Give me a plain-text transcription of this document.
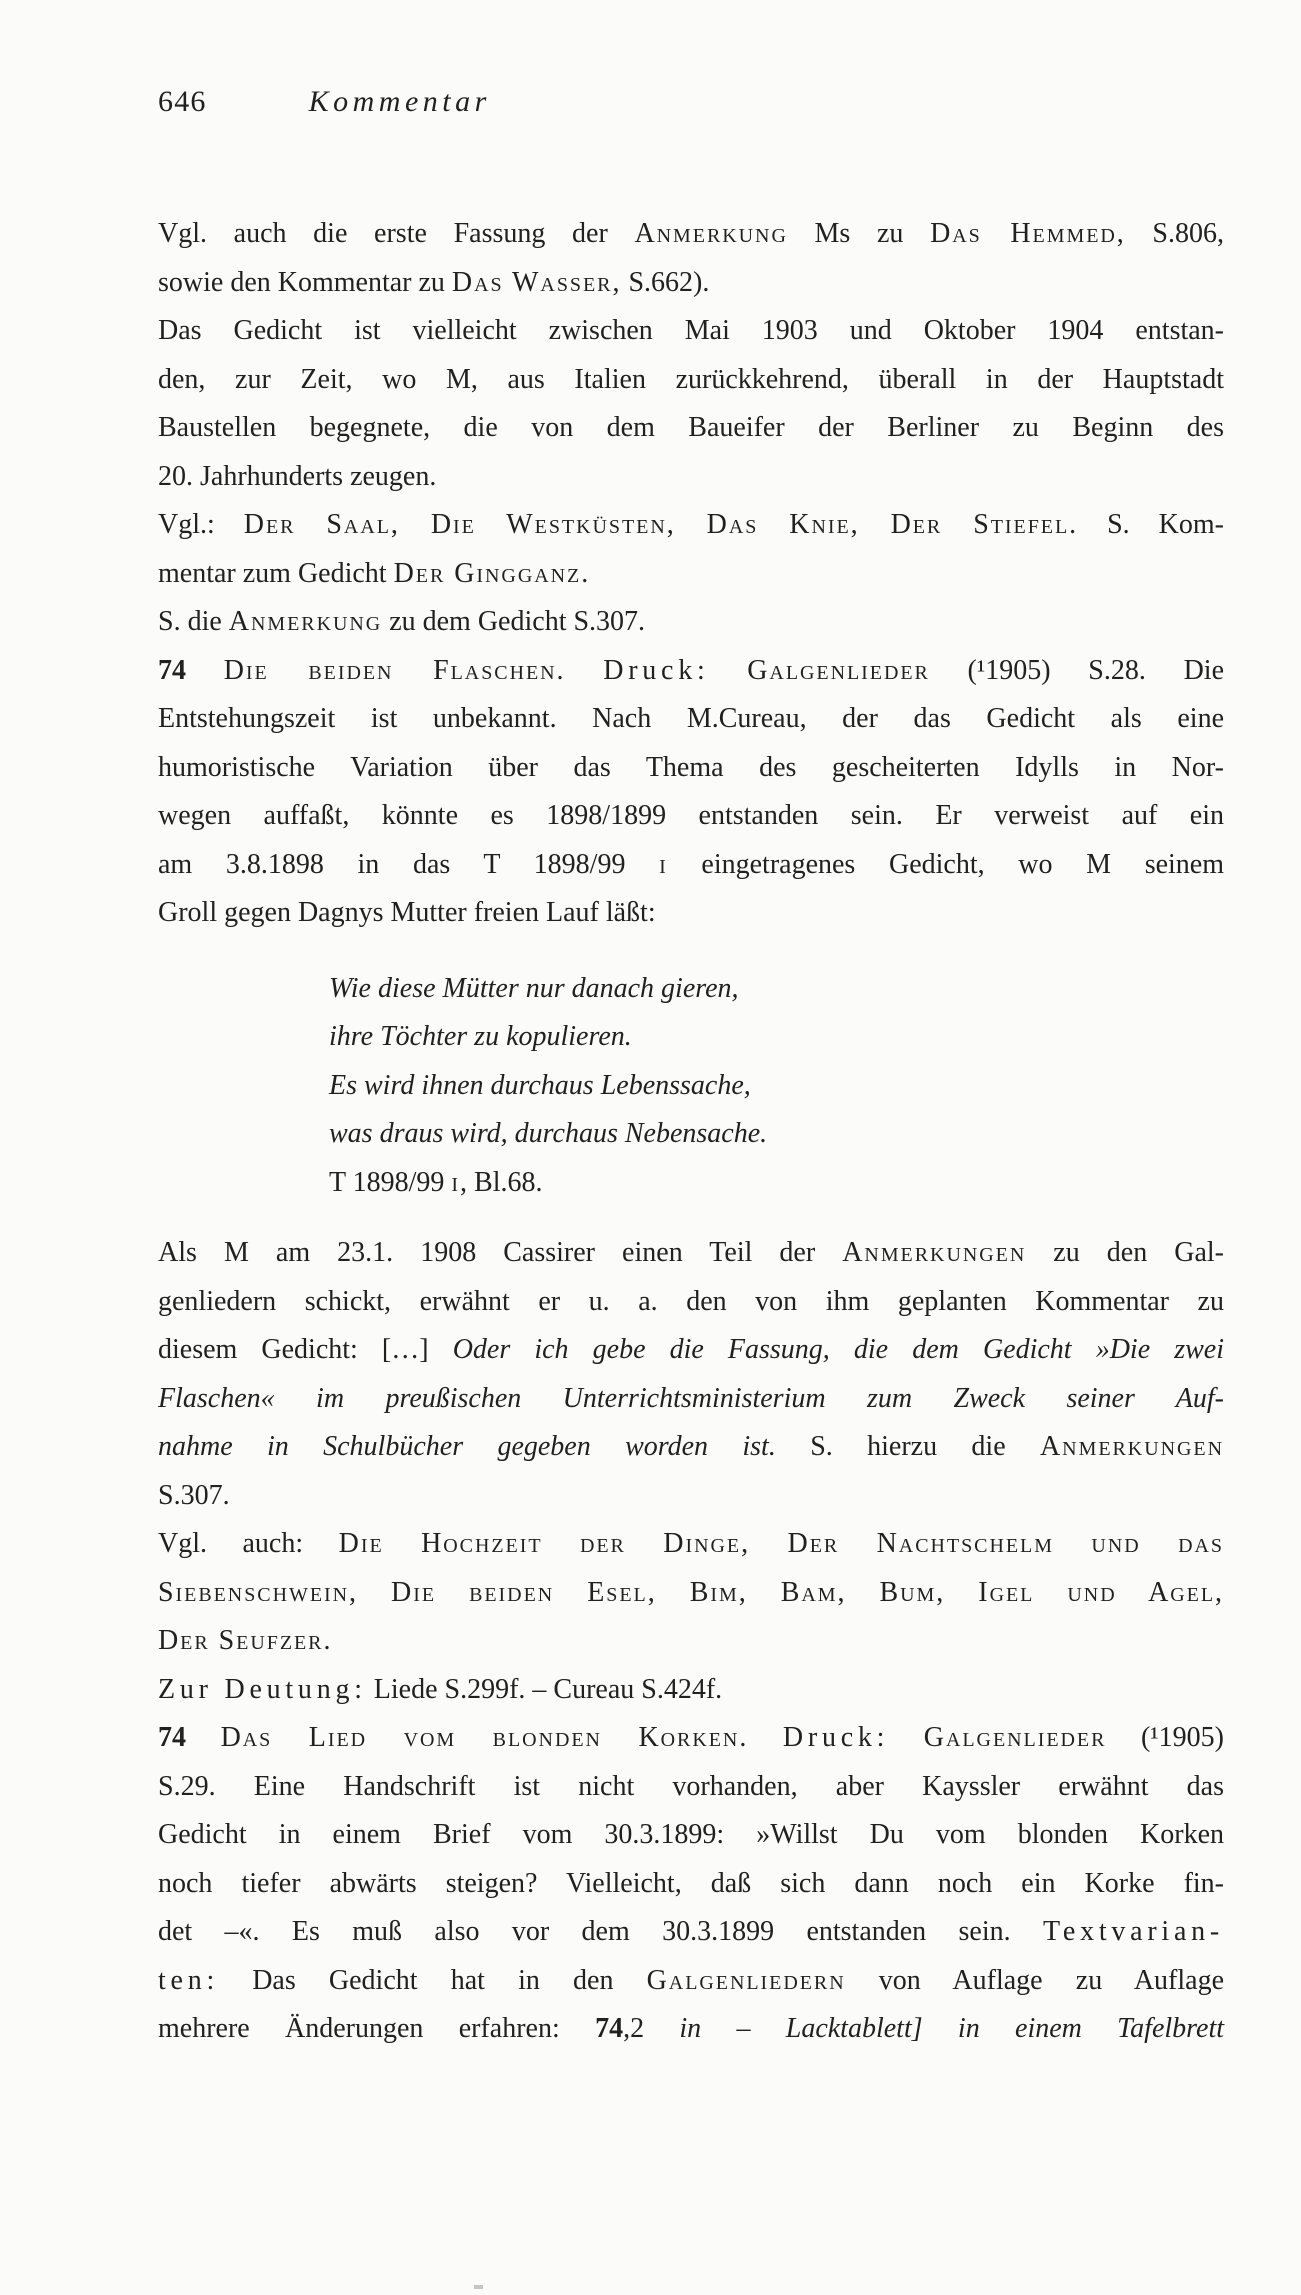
646	Kommentar
Vgl. auch die erste Fassung der Anmerkung Ms zu Das Hemmed, S.806,
sowie den Kommentar zu Das Wasser, S.662).
Das Gedicht ist vielleicht zwischen Mai 1903 und Oktober 1904 entstan-
den, zur Zeit, wo M, aus Italien zurückkehrend, überall in der Hauptstadt
Baustellen begegnete, die von dem Baueifer der Berliner zu Beginn des
20. Jahrhunderts zeugen.
Vgl.: Der Saal, Die Westküsten, Das Knie, Der Stiefel. S. Kom-
mentar zum Gedicht Der Gingganz.
S. die Anmerkung zu dem Gedicht S.307.
74 Die beiden Flaschen. Druck: Galgenlieder (¹1905) S.28. Die
Entstehungszeit ist unbekannt. Nach M.Cureau, der das Gedicht als eine
humoristische Variation über das Thema des gescheiterten Idylls in Nor-
wegen auffaßt, könnte es 1898/1899 entstanden sein. Er verweist auf ein
am 3.8.1898 in das T 1898/99 i eingetragenes Gedicht, wo M seinem
Groll gegen Dagnys Mutter freien Lauf läßt:
Wie diese Mütter nur danach gieren,
ihre Töchter zu kopulieren.
Es wird ihnen durchaus Lebenssache,
was draus wird, durchaus Nebensache.
T 1898/99 i, Bl.68.
Als M am 23.1. 1908 Cassirer einen Teil der Anmerkungen zu den Gal-
genliedern schickt, erwähnt er u. a. den von ihm geplanten Kommentar zu
diesem Gedicht: […] Oder ich gebe die Fassung, die dem Gedicht »Die zwei
Flaschen« im preußischen Unterrichtsministerium zum Zweck seiner Auf-
nahme in Schulbücher gegeben worden ist. S. hierzu die Anmerkungen
S.307.
Vgl. auch: Die Hochzeit der Dinge, Der Nachtschelm und das
Siebenschwein, Die beiden Esel, Bim, Bam, Bum, Igel und Agel,
Der Seufzer.
Zur Deutung: Liede S.299f. – Cureau S.424f.
74 Das Lied vom blonden Korken. Druck: Galgenlieder (¹1905)
S.29. Eine Handschrift ist nicht vorhanden, aber Kayssler erwähnt das
Gedicht in einem Brief vom 30.3.1899: »Willst Du vom blonden Korken
noch tiefer abwärts steigen? Vielleicht, daß sich dann noch ein Korke fin-
det –«. Es muß also vor dem 30.3.1899 entstanden sein. Textvarian-
ten: Das Gedicht hat in den Galgenliedern von Auflage zu Auflage
mehrere Änderungen erfahren: 74,2 in – Lacktablett] in einem Tafelbrett
